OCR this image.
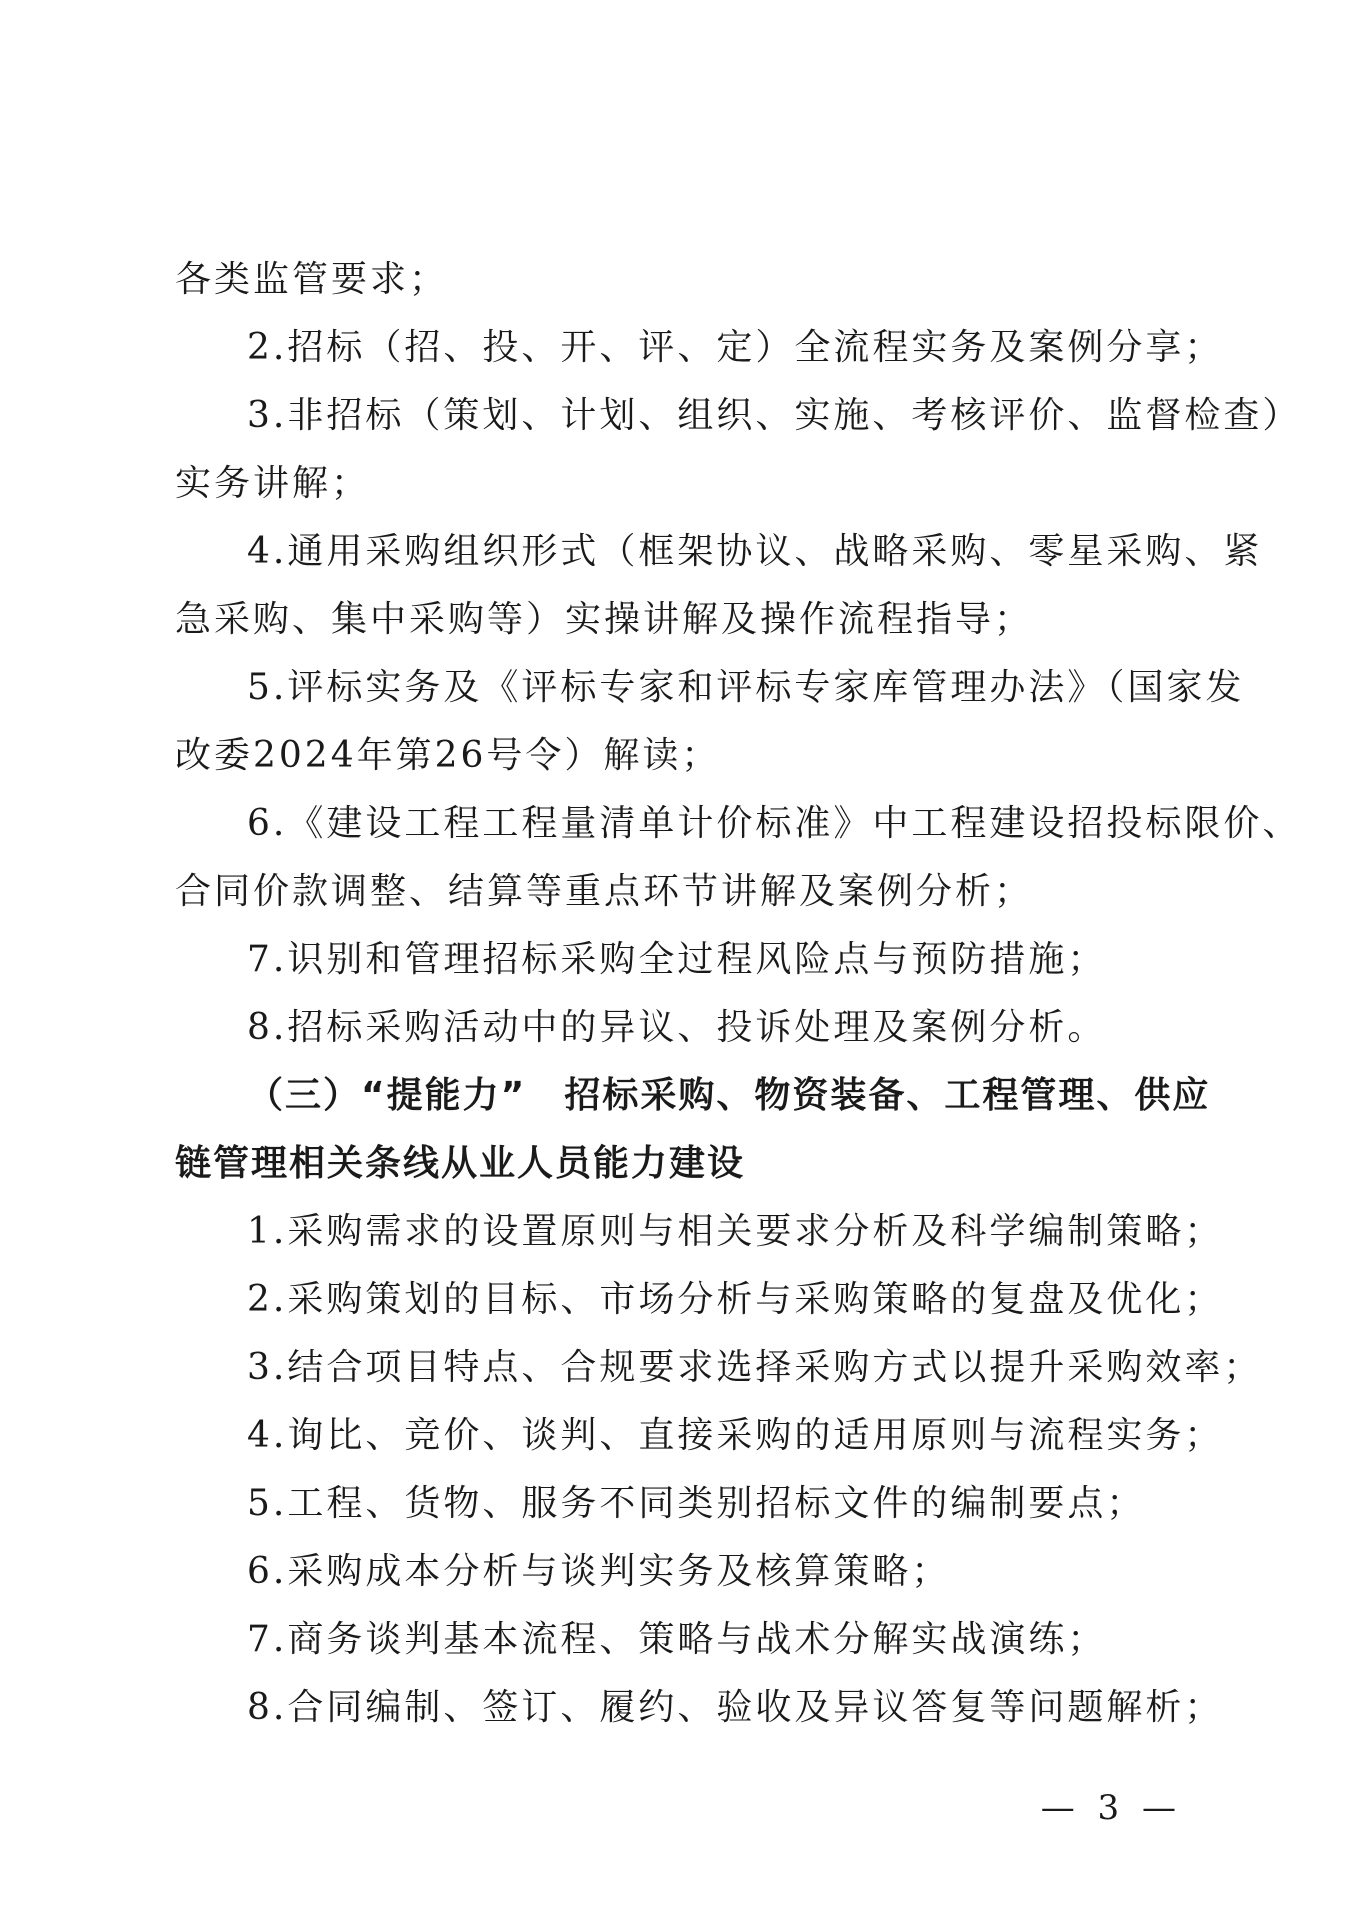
各类监管要求；
2.招标（招、投、开、评、定）全流程实务及案例分享；
3.非招标（策划、计划、组织、实施、考核评价、监督检查）
实务讲解；
4.通用采购组织形式（框架协议、战略采购、零星采购、紧
急采购、集中采购等）实操讲解及操作流程指导；
5.评标实务及《评标专家和评标专家库管理办法》（国家发
改委2024年第26号令）解读；
6.《建设工程工程量清单计价标准》中工程建设招投标限价、
合同价款调整、结算等重点环节讲解及案例分析；
7.识别和管理招标采购全过程风险点与预防措施；
8.招标采购活动中的异议、投诉处理及案例分析。
（三）“提能力”　招标采购、物资装备、工程管理、供应
链管理相关条线从业人员能力建设
1.采购需求的设置原则与相关要求分析及科学编制策略；
2.采购策划的目标、市场分析与采购策略的复盘及优化；
3.结合项目特点、合规要求选择采购方式以提升采购效率；
4.询比、竞价、谈判、直接采购的适用原则与流程实务；
5.工程、货物、服务不同类别招标文件的编制要点；
6.采购成本分析与谈判实务及核算策略；
7.商务谈判基本流程、策略与战术分解实战演练；
8.合同编制、签订、履约、验收及异议答复等问题解析；
— 3 —
